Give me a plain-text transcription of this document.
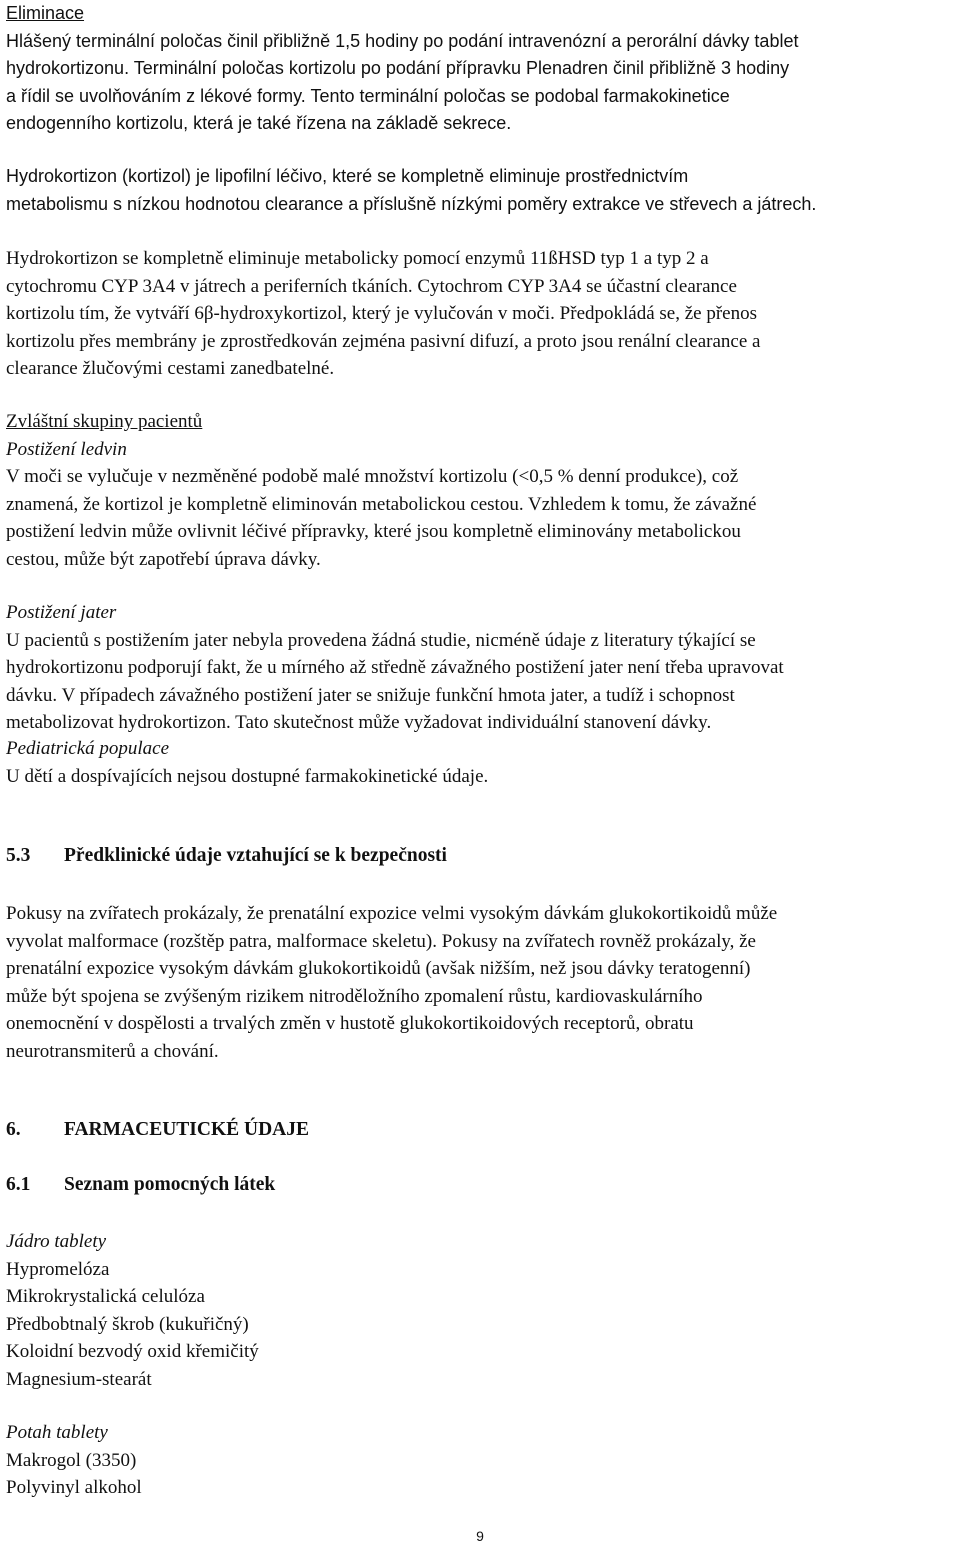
Eliminace
Hlášený terminální poločas činil přibližně 1,5 hodiny po podání intravenózní a perorální dávky tablet
hydrokortizonu. Terminální poločas kortizolu po podání přípravku Plenadren činil přibližně 3 hodiny
a řídil se uvolňováním z lékové formy. Tento terminální poločas se podobal farmakokinetice
endogenního kortizolu, která je také řízena na základě sekrece.
Hydrokortizon (kortizol) je lipofilní léčivo, které se kompletně eliminuje prostřednictvím
metabolismu s nízkou hodnotou clearance a příslušně nízkými poměry extrakce ve střevech a játrech.
Hydrokortizon se kompletně eliminuje metabolicky pomocí enzymů 11ßHSD typ 1 a typ 2 a
cytochromu CYP 3A4 v játrech a periferních tkáních. Cytochrom CYP 3A4 se účastní clearance
kortizolu tím, že vytváří 6β-hydroxykortizol, který je vylučován v moči. Předpokládá se, že přenos
kortizolu přes membrány je zprostředkován zejména pasivní difuzí, a proto jsou renální clearance a
clearance žlučovými cestami zanedbatelné.
Zvláštní skupiny pacientů
Postižení ledvin
V moči se vylučuje v nezměněné podobě malé množství kortizolu (<0,5 % denní produkce), což
znamená, že kortizol je kompletně eliminován metabolickou cestou. Vzhledem k tomu, že závažné
postižení ledvin může ovlivnit léčivé přípravky, které jsou kompletně eliminovány metabolickou
cestou, může být zapotřebí úprava dávky.
Postižení jater
U pacientů s postižením jater nebyla provedena žádná studie, nicméně údaje z literatury týkající se
hydrokortizonu podporují fakt, že u mírného až středně závažného postižení jater není třeba upravovat
dávku. V případech závažného postižení jater se snižuje funkční hmota jater, a tudíž i schopnost
metabolizovat hydrokortizon. Tato skutečnost může vyžadovat individuální stanovení dávky.
Pediatrická populace
U dětí a dospívajících nejsou dostupné farmakokinetické údaje.
5.3 Předklinické údaje vztahující se k bezpečnosti
Pokusy na zvířatech prokázaly, že prenatální expozice velmi vysokým dávkám glukokortikoidů může
vyvolat malformace (rozštěp patra, malformace skeletu). Pokusy na zvířatech rovněž prokázaly, že
prenatální expozice vysokým dávkám glukokortikoidů (avšak nižším, než jsou dávky teratogenní)
může být spojena se zvýšeným rizikem nitroděložního zpomalení růstu, kardiovaskulárního
onemocnění v dospělosti a trvalých změn v hustotě glukokortikoidových receptorů, obratu
neurotransmiterů a chování.
6. FARMACEUTICKÉ ÚDAJE
6.1 Seznam pomocných látek
Jádro tablety
Hypromelóza
Mikrokrystalická celulóza
Předbobtnalý škrob (kukuřičný)
Koloidní bezvodý oxid křemičitý
Magnesium-stearát
Potah tablety
Makrogol (3350)
Polyvinyl alkohol
9
